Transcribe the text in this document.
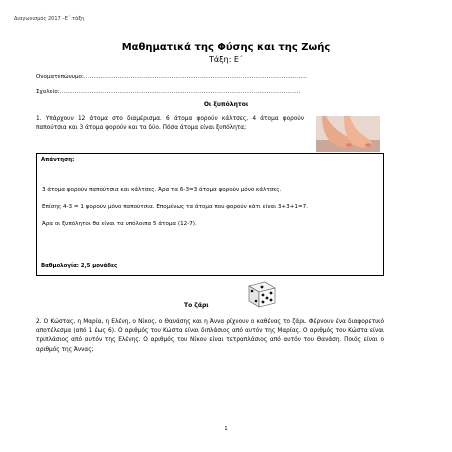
Διαγωνισμός 2017 –Ε΄ τάξη
Μαθηματικά της Φύσης και της Ζωής
Τάξη: Ε΄
Ονοματεπώνυμο:…………………………………………………………………………………………………………
Σχολείο:…………………………………………………………………………………………………………………
Οι ξυπόλητοι
1. Υπάρχουν 12 άτομα στο διαμέρισμα. 6 άτομα φορούν κάλτσες, 4 άτομα φορούν παπούτσια και 3 άτομα φορούν και τα δύο. Πόσα άτομα είναι ξυπόλητα;
Απάντηση:
3 άτομα φορούν παπούτσια και κάλτσες. Άρα τα 6-3=3 άτομα φορούν μόνο κάλτσες.
Επίσης 4-3 = 1 φορούν μόνο παπούτσια. Επομένως τα άτομα που φορούν κάτι είναι 3+3+1=7.
Άρα οι ξυπόλητοι θα είναι τα υπόλοιπα 5 άτομα (12-7).
Βαθμολογία: 2,5 μονάδες
Το ζάρι
2. Ο Κώστας, η Μαρία, η Ελένη, ο Νίκος, ο Θανάσης και η Άννα ρίχνουν ο καθένας το ζάρι. Φέρνουν ένα διαφορετικό αποτέλεσμα (από 1 έως 6). Ο αριθμός του Κώστα είναι διπλάσιος από αυτόν της Μαρίας. Ο αριθμός του Κώστα είναι τριπλάσιος από αυτόν της Ελένης. Ο αριθμός του Νίκου είναι τετραπλάσιος από αυτόν του Θανάση. Ποιός είναι ο αριθμός της Άννας;
1
